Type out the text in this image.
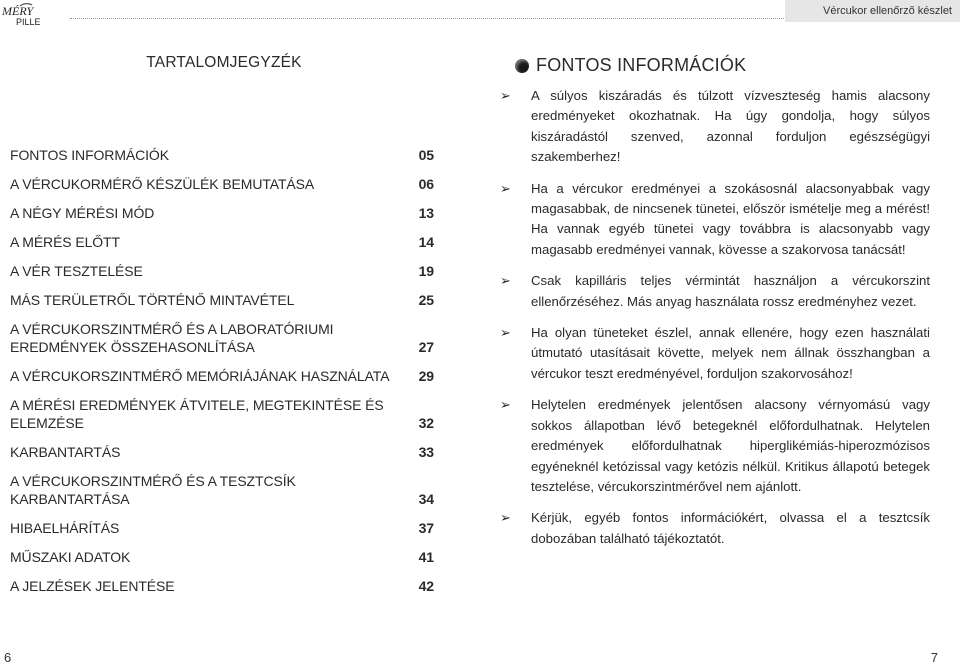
MÉRY
PILLE
Vércukor ellenőrző készlet
TARTALOMJEGYZÉK
FONTOS INFORMÁCIÓK	05
A VÉRCUKORMÉRŐ KÉSZÜLÉK BEMUTATÁSA	06
A NÉGY MÉRÉSI MÓD	13
A MÉRÉS ELŐTT	14
A VÉR TESZTELÉSE	19
MÁS TERÜLETRŐL TÖRTÉNŐ MINTAVÉTEL	25
A VÉRCUKORSZINTMÉRŐ ÉS A LABORATÓRIUMI EREDMÉNYEK ÖSSZEHASONLÍTÁSA	27
A VÉRCUKORSZINTMÉRŐ MEMÓRIÁJÁNAK HASZNÁLATA 29
A MÉRÉSI EREDMÉNYEK ÁTVITELE, MEGTEKINTÉSE ÉS ELEMZÉSE	32
KARBANTARTÁS	33
A VÉRCUKORSZINTMÉRŐ ÉS A TESZTCSÍK KARBANTARTÁSA	34
HIBAELHÁRÍTÁS	37
MŰSZAKI ADATOK	41
A JELZÉSEK JELENTÉSE	42
FONTOS INFORMÁCIÓK
➢	A súlyos kiszáradás és túlzott vízveszteség hamis alacsony eredményeket okozhatnak. Ha úgy gondolja, hogy súlyos kiszáradástól szenved, azonnal forduljon egészségügyi szakemberhez!
➢	Ha a vércukor eredményei a szokásosnál alacsonyabbak vagy magasabbak, de nincsenek tünetei, először ismételje meg a mérést! Ha vannak egyéb tünetei vagy továbbra is alacsonyabb vagy magasabb eredményei vannak, kövesse a szakorvosa tanácsát!
➢	Csak kapilláris teljes vérmintát használjon a vércukorszint ellenőrzéséhez. Más anyag használata rossz eredményhez vezet.
➢	Ha olyan tüneteket észlel, annak ellenére, hogy ezen használati útmutató utasításait követte, melyek nem állnak összhangban a vércukor teszt eredményével, forduljon szakorvosához!
➢	Helytelen eredmények jelentősen alacsony vérnyomású vagy sokkos állapotban lévő betegeknél előfordulhatnak. Helytelen eredmények előfordulhatnak hiperglikémiás-hiperozmózisos egyéneknél ketózissal vagy ketózis nélkül. Kritikus állapotú betegek tesztelése, vércukorszintmérővel nem ajánlott.
➢	Kérjük, egyéb fontos információkért, olvassa el a tesztcsík dobozában található tájékoztatót.
6	7
